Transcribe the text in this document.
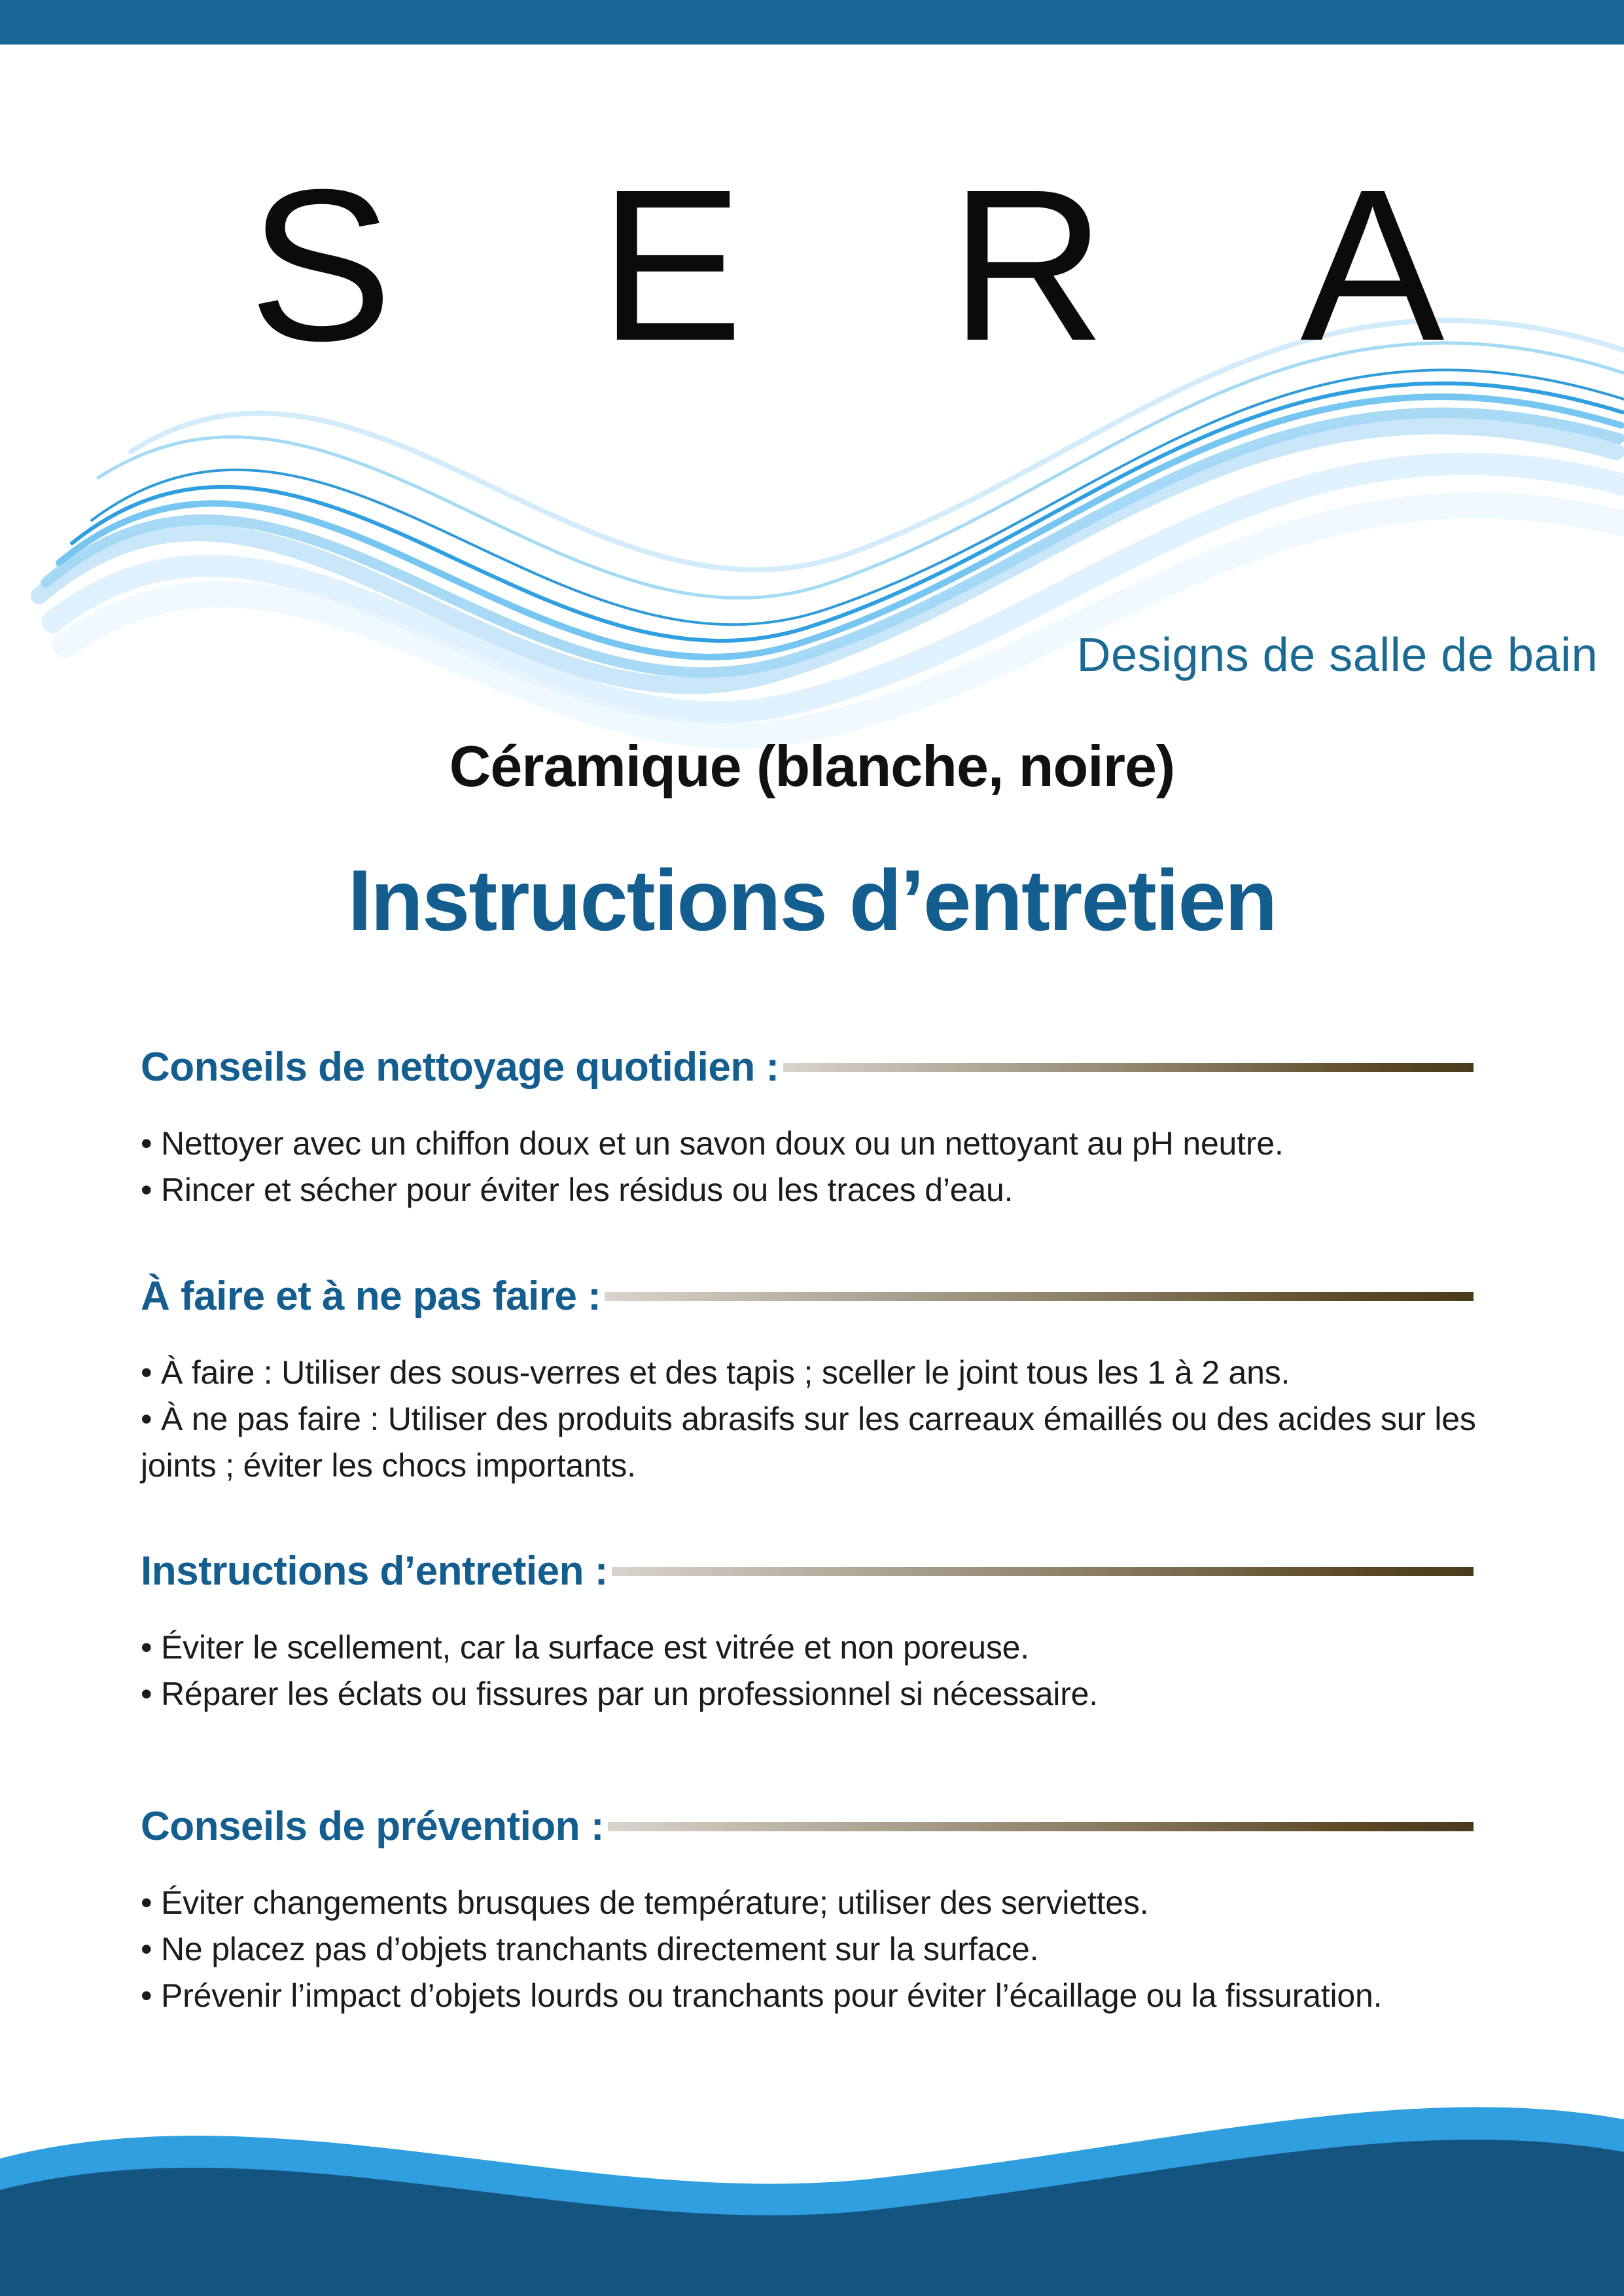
S E R A
Designs de salle de bain
Céramique (blanche, noire)
Instructions d’entretien
Conseils de nettoyage quotidien :
• Nettoyer avec un chiffon doux et un savon doux ou un nettoyant au pH neutre.
• Rincer et sécher pour éviter les résidus ou les traces d’eau.
À faire et à ne pas faire :
• À faire : Utiliser des sous-verres et des tapis ; sceller le joint tous les 1 à 2 ans.
• À ne pas faire : Utiliser des produits abrasifs sur les carreaux émaillés ou des acides sur les joints ; éviter les chocs importants.
Instructions d’entretien :
• Éviter le scellement, car la surface est vitrée et non poreuse.
• Réparer les éclats ou fissures par un professionnel si nécessaire.
Conseils de prévention :
• Éviter changements brusques de température; utiliser des serviettes.
• Ne placez pas d’objets tranchants directement sur la surface.
• Prévenir l’impact d’objets lourds ou tranchants pour éviter l’écaillage ou la fissuration.
